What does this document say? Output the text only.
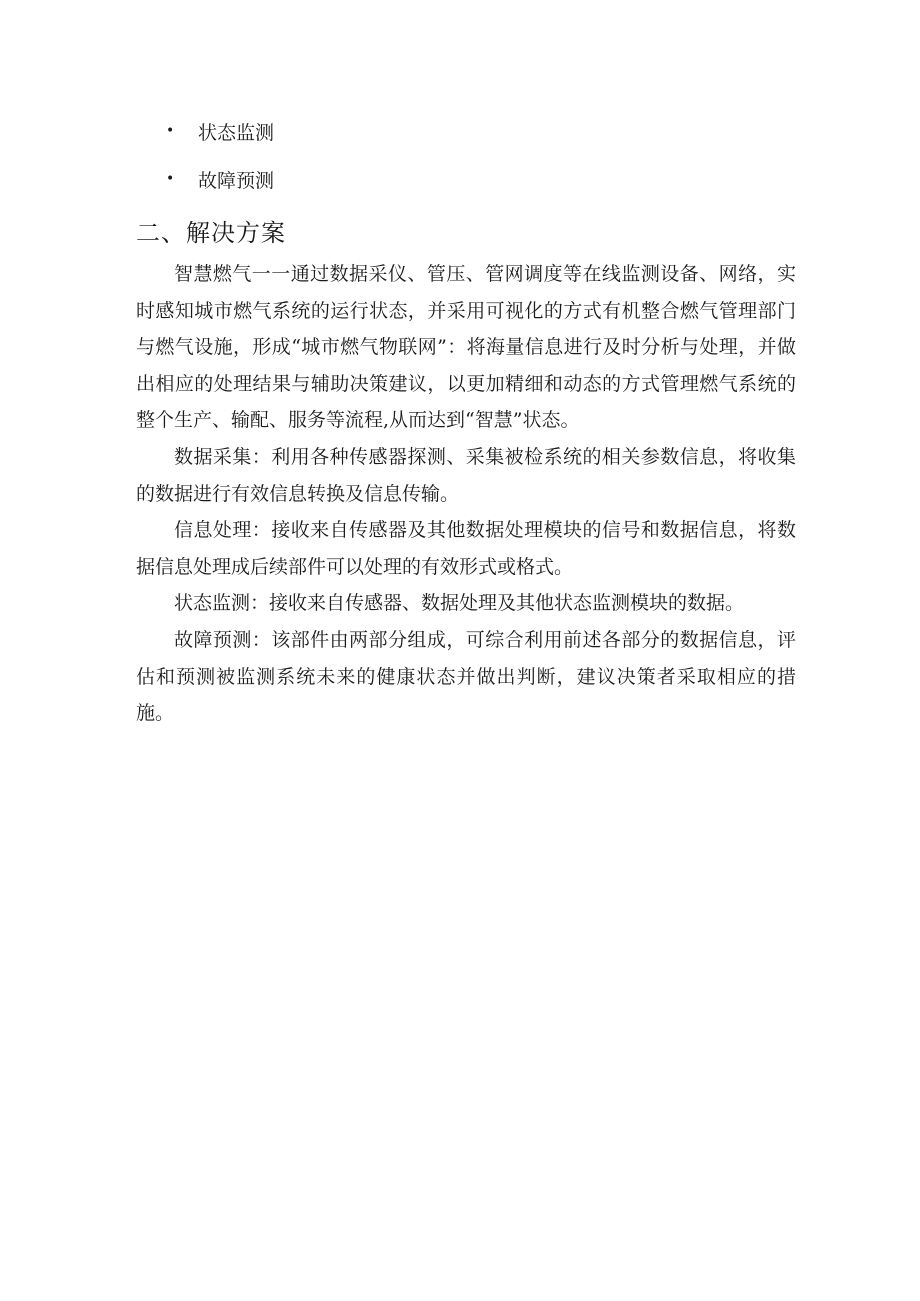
•	状态监测
•	故障预测
二、解决方案

智慧燃气一一通过数据采仪、管压、管网调度等在线监测设备、网络，实时感知城市燃气系统的运行状态，并采用可视化的方式有机整合燃气管理部门与燃气设施，形成“城市燃气物联网”：将海量信息进行及时分析与处理，并做出相应的处理结果与辅助决策建议，以更加精细和动态的方式管理燃气系统的整个生产、输配、服务等流程,从而达到“智慧”状态。

数据采集：利用各种传感器探测、采集被检系统的相关参数信息，将收集的数据进行有效信息转换及信息传输。

信息处理：接收来自传感器及其他数据处理模块的信号和数据信息，将数据信息处理成后续部件可以处理的有效形式或格式。

状态监测：接收来自传感器、数据处理及其他状态监测模块的数据。

故障预测：该部件由两部分组成，可综合利用前述各部分的数据信息，评估和预测被监测系统未来的健康状态并做出判断，建议决策者采取相应的措施。
